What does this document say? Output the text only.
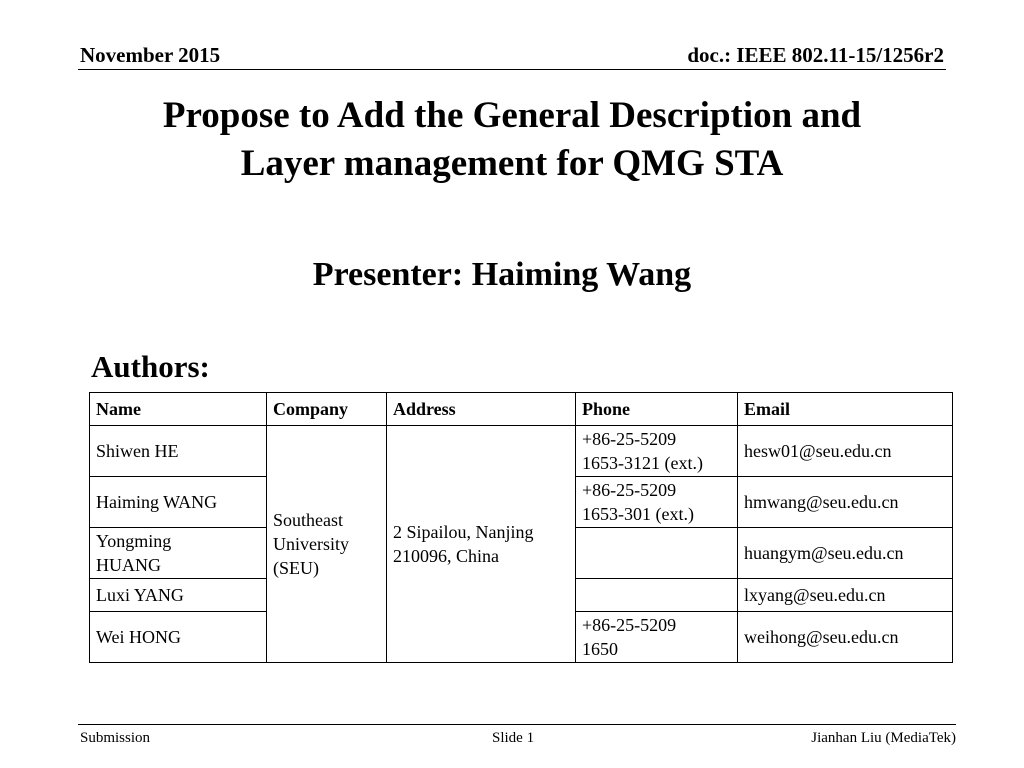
November 2015	doc.: IEEE 802.11-15/1256r2
Propose to Add the General Description and
Layer management for QMG STA
Presenter: Haiming Wang
Authors:
Name	Company	Address	Phone	Email

Shiwen HE	Southeast
University
(SEU)	2 Sipailou, Nanjing
210096, China	+86-25-5209
1653-3121 (ext.)	hesw01@seu.edu.cn

Haiming WANG			+86-25-5209
1653-301 (ext.)	hmwang@seu.edu.cn

Yongming
HUANG				huangym@seu.edu.cn

Luxi YANG				lxyang@seu.edu.cn

Wei HONG			+86-25-5209
1650	weihong@seu.edu.cn
Submission	Slide 1	Jianhan Liu (MediaTek)
